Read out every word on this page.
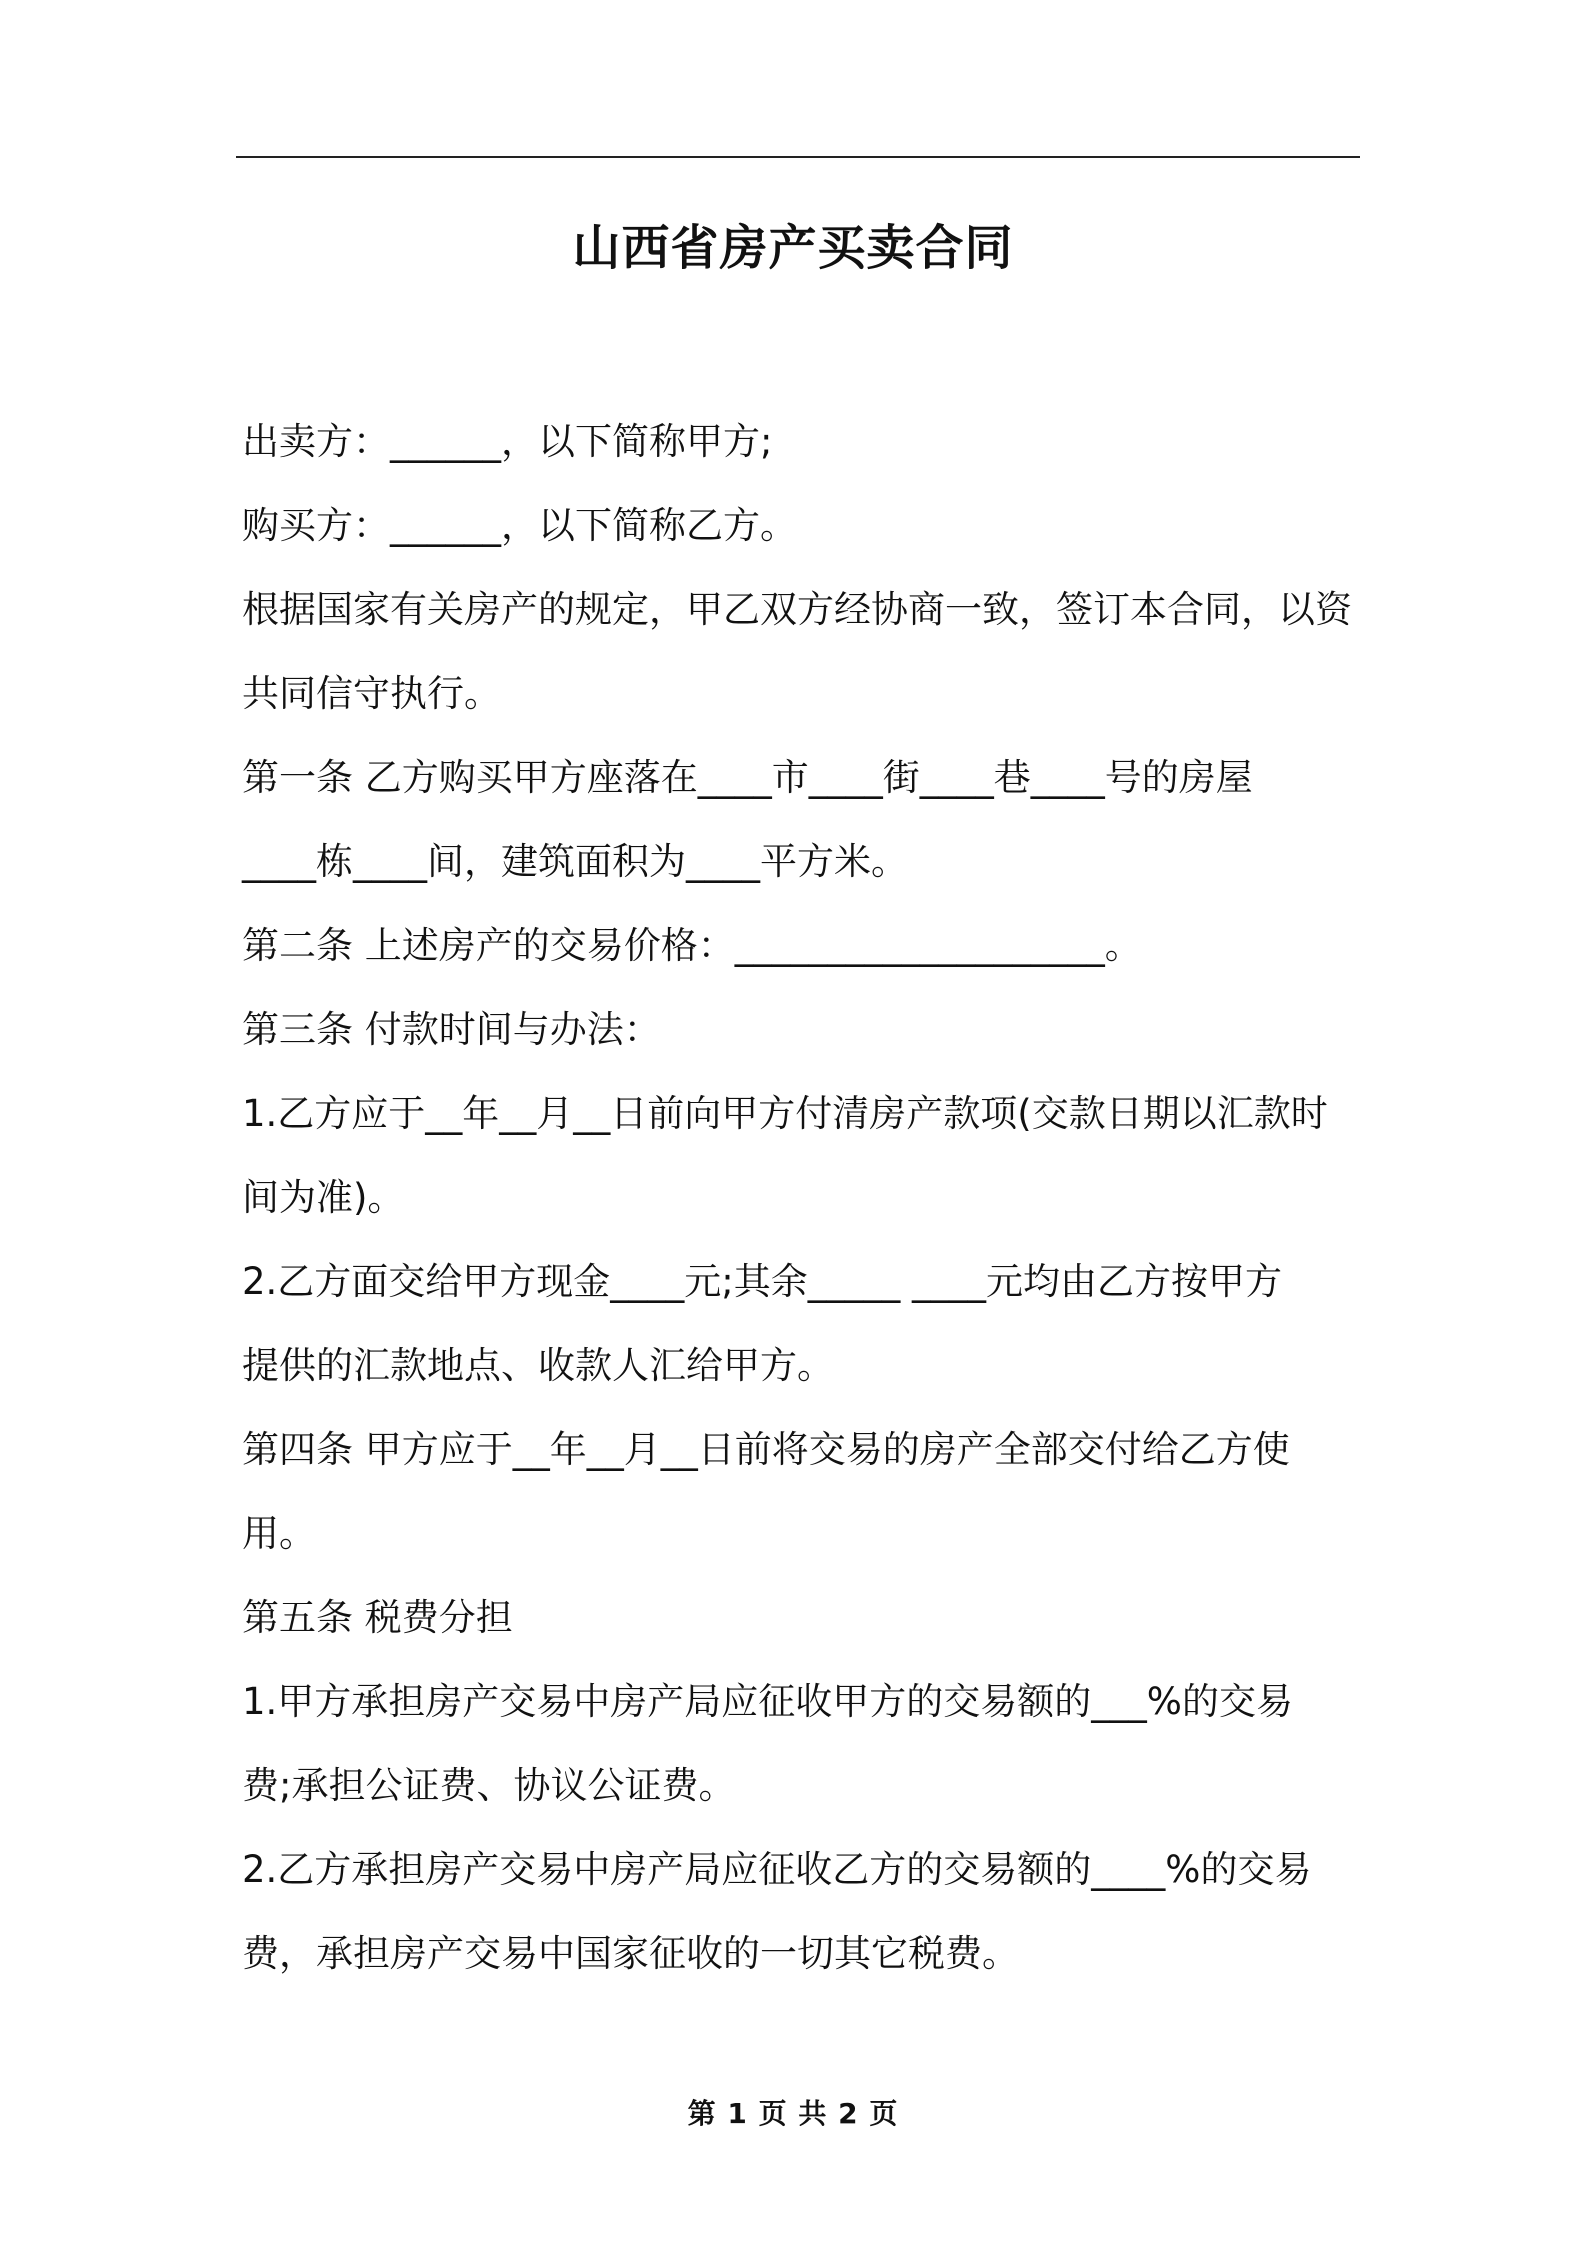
山西省房产买卖合同

出卖方：______，以下简称甲方;

购买方：______，以下简称乙方。

根据国家有关房产的规定，甲乙双方经协商一致，签订本合同，以资

共同信守执行。

第一条 乙方购买甲方座落在____市____街____巷____号的房屋

____栋____间，建筑面积为____平方米。

第二条 上述房产的交易价格：____________________。

第三条 付款时间与办法：

1.乙方应于__年__月__日前向甲方付清房产款项(交款日期以汇款时

间为准)。

2.乙方面交给甲方现金____元;其余_____ ____元均由乙方按甲方

提供的汇款地点、收款人汇给甲方。

第四条 甲方应于__年__月__日前将交易的房产全部交付给乙方使

用。

第五条 税费分担

1.甲方承担房产交易中房产局应征收甲方的交易额的___%的交易

费;承担公证费、协议公证费。

2.乙方承担房产交易中房产局应征收乙方的交易额的____%的交易

费，承担房产交易中国家征收的一切其它税费。

第 1 页 共 2 页
